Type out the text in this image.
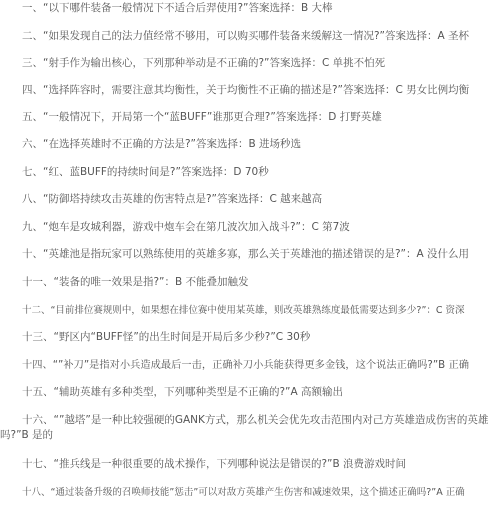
一、“以下哪件装备一般情况下不适合后羿使用?”答案选择：B 大棒
二、“如果发现自己的法力值经常不够用，可以购买哪件装备来缓解这一情况?”答案选择：A 圣杯
三、“射手作为输出核心，下列那种举动是不正确的?”答案选择：C 单挑不怕死
四、“选择阵容时，需要注意其均衡性，关于均衡性不正确的描述是?”答案选择：C 男女比例均衡
五、“一般情况下，开局第一个“蓝BUFF”谁那更合理?”答案选择：D 打野英雄
六、“在选择英雄时不正确的方法是?”答案选择：B 进场秒选
七、“红、蓝BUFF的持续时间是?”答案选择：D 70秒
八、“防御塔持续攻击英雄的伤害特点是?”答案选择：C 越来越高
九、“炮车是攻城利器，游戏中炮车会在第几波次加入战斗?”：C 第7波
十、“英雄池是指玩家可以熟练使用的英雄多寡，那么关于英雄池的描述错误的是?”：A 没什么用
十一、“装备的唯一效果是指?”：B 不能叠加触发
十二、“目前排位赛规则中，如果想在排位赛中使用某英雄，则改英雄熟练度最低需要达到多少?”：C 资深
十三、“野区内“BUFF怪”的出生时间是开局后多少秒?”C 30秒
十四、“”补刀”是指对小兵造成最后一击，正确补刀小兵能获得更多金钱，这个说法正确吗?”B 正确
十五、“辅助英雄有多种类型，下列哪种类型是不正确的?”A 高额输出
十六、“”越塔”是一种比较强硬的GANK方式，那么机关会优先攻击范围内对己方英雄造成伤害的英雄吗?”B 是的
十七、“推兵线是一种很重要的战术操作，下列哪种说法是错误的?”B 浪费游戏时间
十八、“通过装备升级的召唤师技能”惩击”可以对敌方英雄产生伤害和减速效果，这个描述正确吗?”A 正确
